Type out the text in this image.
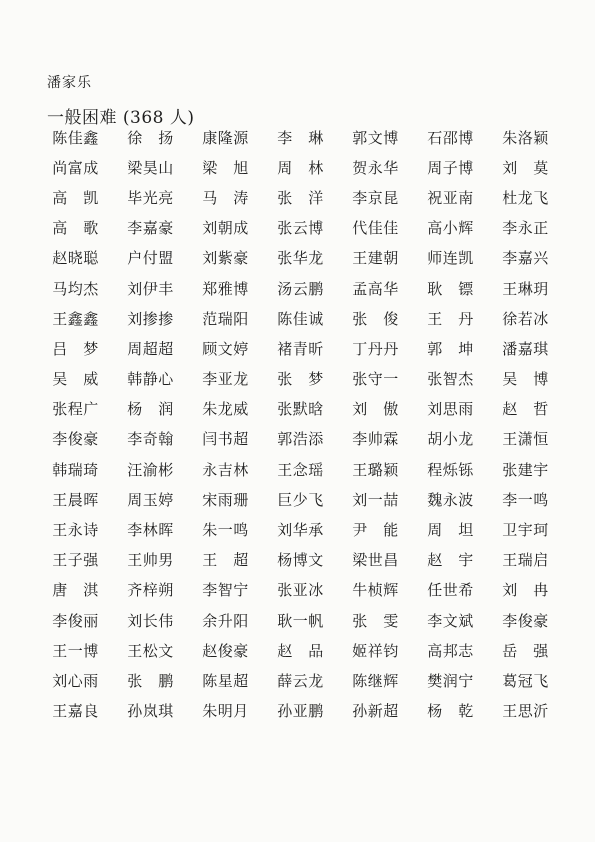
潘家乐
一般困难 (368 人)
陈佳鑫	徐　扬	康隆源	李　琳	郭文博	石邵博	朱洛颖
尚富成	梁昊山	梁　旭	周　林	贺永华	周子博	刘　莫
高　凯	毕光亮	马　涛	张　洋	李京昆	祝亚南	杜龙飞
高　歌	李嘉豪	刘朝成	张云博	代佳佳	高小辉	李永正
赵晓聪	户付盟	刘紫豪	张华龙	王建朝	师连凯	李嘉兴
马均杰	刘伊丰	郑雅博	汤云鹏	孟高华	耿　镖	王琳玥
王鑫鑫	刘掺掺	范瑞阳	陈佳诚	张　俊	王　丹	徐若冰
吕　梦	周超超	顾文婷	褚青昕	丁丹丹	郭　坤	潘嘉琪
吴　威	韩静心	李亚龙	张　梦	张守一	张智杰	吴　博
张程广	杨　润	朱龙威	张默晗	刘　傲	刘思雨	赵　哲
李俊豪	李奇翰	闫书超	郭浩添	李帅霖	胡小龙	王潇恒
韩瑞琦	汪渝彬	永吉林	王念瑶	王璐颖	程烁铄	张建宇
王晨晖	周玉婷	宋雨珊	巨少飞	刘一喆	魏永波	李一鸣
王永诗	李林晖	朱一鸣	刘华承	尹　能	周　坦	卫宇珂
王子强	王帅男	王　超	杨博文	梁世昌	赵　宇	王瑞启
唐　淇	齐梓朔	李智宁	张亚冰	牛桢辉	任世希	刘　冉
李俊丽	刘长伟	余升阳	耿一帆	张　雯	李文斌	李俊豪
王一博	王松文	赵俊豪	赵　品	姬祥钧	高邦志	岳　强
刘心雨	张　鹏	陈星超	薛云龙	陈继辉	樊润宁	葛冠飞
王嘉良	孙岚琪	朱明月	孙亚鹏	孙新超	杨　乾	王思沂
